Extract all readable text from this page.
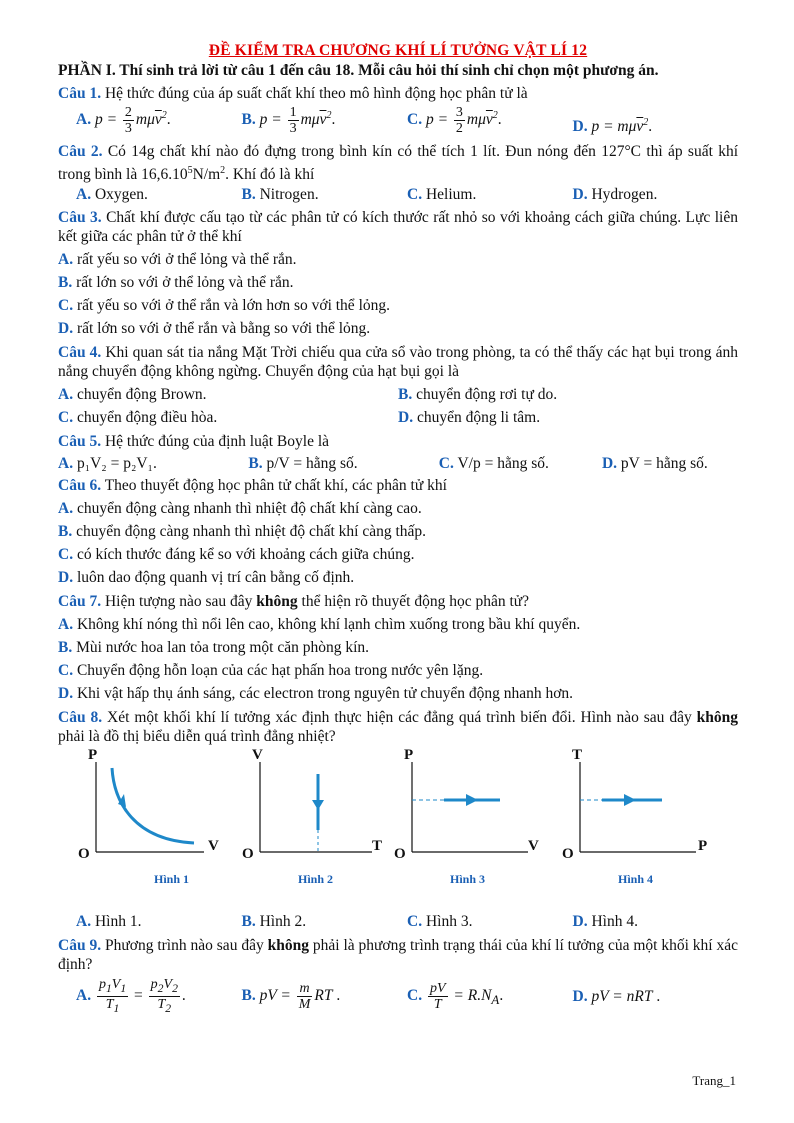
ĐỀ KIỂM TRA CHƯƠNG KHÍ LÍ TƯỞNG VẬT LÍ 12
PHẦN I. Thí sinh trả lời từ câu 1 đến câu 18. Mỗi câu hỏi thí sinh chỉ chọn một phương án.
Câu 1. Hệ thức đúng của áp suất chất khí theo mô hình động học phân tử là
A. $p = \frac{2}{3} m\mu\overline{v}^2$.	B. $p = \frac{1}{3} m\mu\overline{v}^2$.	C. $p = \frac{3}{2} m\mu\overline{v}^2$.	D. $p = m\mu\overline{v}^2$.
Câu 2. Có 14g chất khí nào đó đựng trong bình kín có thể tích 1 lít. Đun nóng đến 127°C thì áp suất khí trong bình là $16,6.10^5N/m^2$. Khí đó là khí
A. Oxygen.	B. Nitrogen.	C. Helium.	D. Hydrogen.
Câu 3. Chất khí được cấu tạo từ các phân tử có kích thước rất nhỏ so với khoảng cách giữa chúng. Lực liên kết giữa các phân tử ở thể khí
A. rất yếu so với ở thể lỏng và thể rắn.
B. rất lớn so với ở thể lỏng và thể rắn.
C. rất yếu so với ở thể rắn và lớn hơn so với thể lỏng.
D. rất lớn so với ở thể rắn và bằng so với thể lỏng.
Câu 4. Khi quan sát tia nắng Mặt Trời chiếu qua cửa sổ vào trong phòng, ta có thể thấy các hạt bụi trong ánh nắng chuyển động không ngừng. Chuyển động của hạt bụi gọi là
A. chuyển động Brown.	B. chuyển động rơi tự do.
C. chuyển động điều hòa.	D. chuyển động li tâm.
Câu 5. Hệ thức đúng của định luật Boyle là
A. p₁V₂ = p₂V₁.	B. p/V = hằng số.	C. V/p = hằng số.	D. pV = hằng số.
Câu 6. Theo thuyết động học phân tử chất khí, các phân tử khí
A. chuyển động càng nhanh thì nhiệt độ chất khí càng cao.
B. chuyển động càng nhanh thì nhiệt độ chất khí càng thấp.
C. có kích thước đáng kể so với khoảng cách giữa chúng.
D. luôn dao động quanh vị trí cân bằng cố định.
Câu 7. Hiện tượng nào sau đây không thể hiện rõ thuyết động học phân tử?
A. Không khí nóng thì nổi lên cao, không khí lạnh chìm xuống trong bầu khí quyển.
B. Mùi nước hoa lan tỏa trong một căn phòng kín.
C. Chuyển động hỗn loạn của các hạt phấn hoa trong nước yên lặng.
D. Khi vật hấp thụ ánh sáng, các electron trong nguyên tử chuyển động nhanh hơn.
Câu 8. Xét một khối khí lí tưởng xác định thực hiện các đẳng quá trình biến đổi. Hình nào sau đây không phải là đồ thị biểu diễn quá trình đẳng nhiệt?
P
V
O
Hình 1
V
T
O
Hình 2
P
V
O
Hình 3
T
P
O
Hình 4
A. Hình 1.	B. Hình 2.	C. Hình 3.	D. Hình 4.
Câu 9. Phương trình nào sau đây không phải là phương trình trạng thái của khí lí tưởng của một khối khí xác định?
A. $\frac{p_1V_1}{T_1} = \frac{p_2V_2}{T_2}$ .	B. pV = $\frac{m}{M}$ RT .	C. $\frac{pV}{T} = R.N_A$.	D. pV = nRT .
Trang_1
